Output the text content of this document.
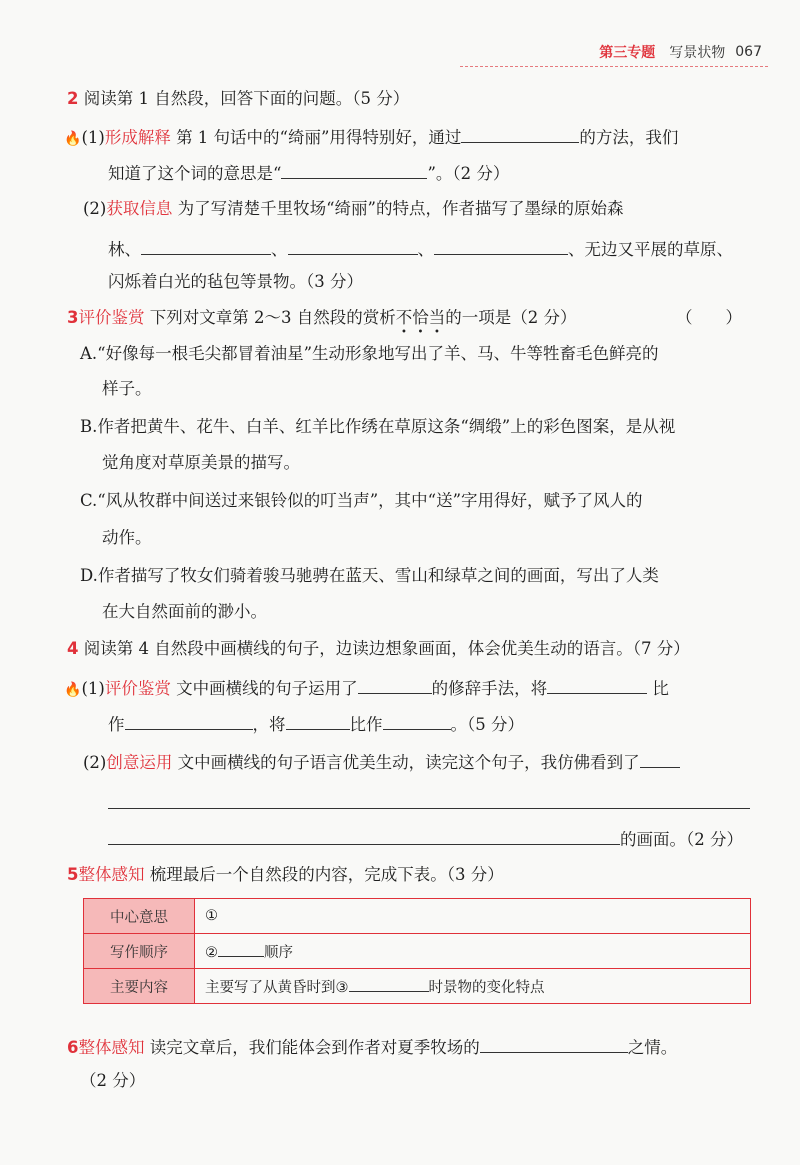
第三专题 写景状物 067
2 阅读第 1 自然段，回答下面的问题。（5 分）
🔥(1)形成解释 第 1 句话中的“绮丽”用得特别好，通过	的方法，我们
知道了这个词的意思是“	”。（2 分）
(2)获取信息 为了写清楚千里牧场“绮丽”的特点，作者描写了墨绿的原始森
林、	、	、	、无边又平展的草原、
闪烁着白光的毡包等景物。（3 分）
3评价鉴赏 下列对文章第 2～3 自然段的赏析不恰当的一项是（2 分）	（　　）
A.“好像每一根毛尖都冒着油星”生动形象地写出了羊、马、牛等牲畜毛色鲜亮的
样子。
B.作者把黄牛、花牛、白羊、红羊比作绣在草原这条“绸缎”上的彩色图案，是从视
觉角度对草原美景的描写。
C.“风从牧群中间送过来银铃似的叮当声”，其中“送”字用得好，赋予了风人的
动作。
D.作者描写了牧女们骑着骏马驰骋在蓝天、雪山和绿草之间的画面，写出了人类
在大自然面前的渺小。
4 阅读第 4 自然段中画横线的句子，边读边想象画面，体会优美生动的语言。（7 分）
🔥(1)评价鉴赏 文中画横线的句子运用了	的修辞手法，将	比
作	，将	比作	。（5 分）
(2)创意运用 文中画横线的句子语言优美生动，读完这个句子，我仿佛看到了
的画面。（2 分）
5整体感知 梳理最后一个自然段的内容，完成下表。（3 分）
中心意思	①
写作顺序	② 顺序
主要内容	主要写了从黄昏时到③ 时景物的变化特点
6整体感知 读完文章后，我们能体会到作者对夏季牧场的	之情。
（2 分）
